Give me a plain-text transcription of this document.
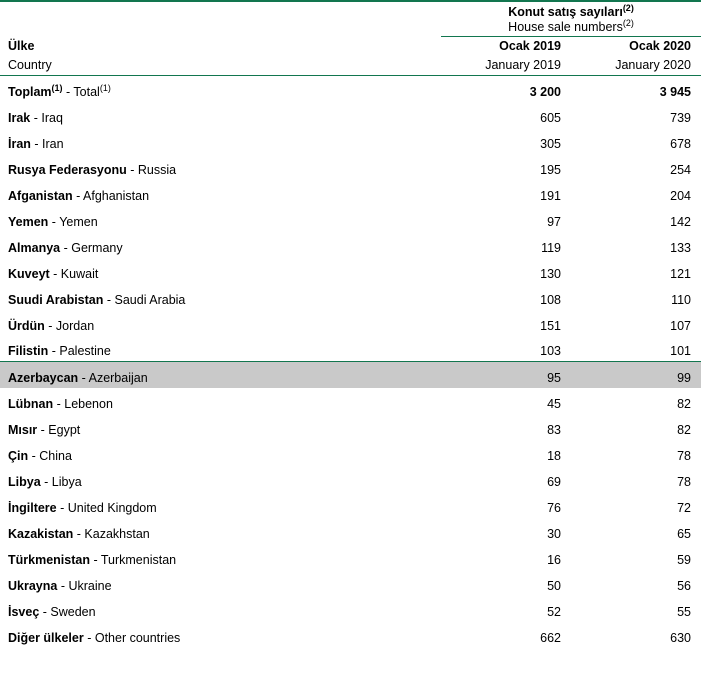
	Konut satış sayıları$^{(2)}$
	House sale numbers$^{(2)}$
Ülke	Ocak 2019	Ocak 2020
Country	January 2019	January 2020
Toplam$^{(1)}$ - Total$^{(1)}$	3 200	3 945
Irak - Iraq	605	739
İran - Iran	305	678
Rusya Federasyonu - Russia	195	254
Afganistan - Afghanistan	191	204
Yemen - Yemen	97	142
Almanya - Germany	119	133
Kuveyt - Kuwait	130	121
Suudi Arabistan - Saudi Arabia	108	110
Ürdün - Jordan	151	107
Filistin - Palestine	103	101
Azerbaycan - Azerbaijan	95	99
Lübnan - Lebenon	45	82
Mısır - Egypt	83	82
Çin - China	18	78
Libya - Libya	69	78
İngiltere - United Kingdom	76	72
Kazakistan - Kazakhstan	30	65
Türkmenistan - Turkmenistan	16	59
Ukrayna - Ukraine	50	56
İsveç - Sweden	52	55
Diğer ülkeler - Other countries	662	630
